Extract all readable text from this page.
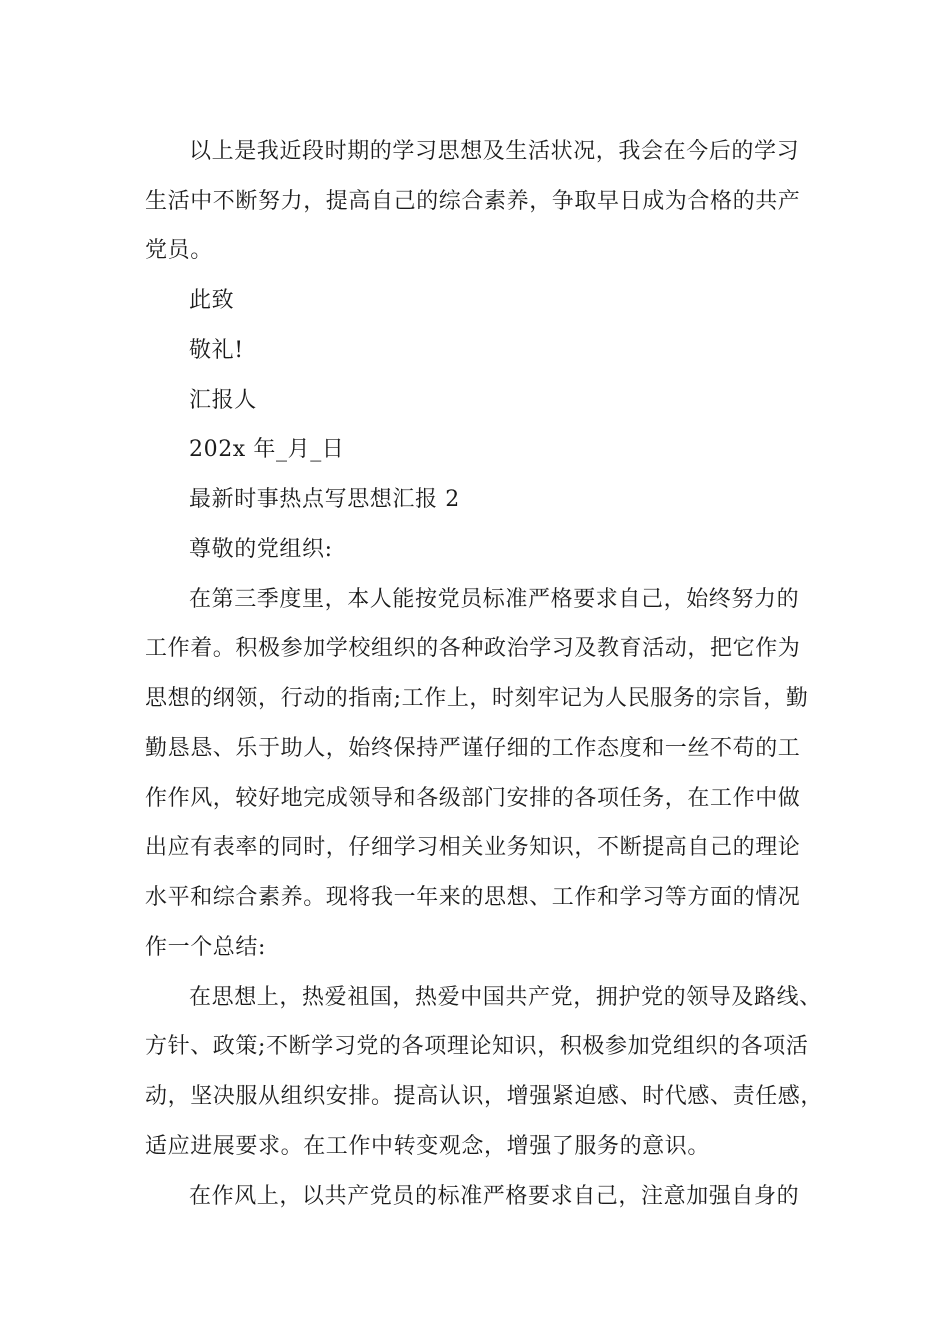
以上是我近段时期的学习思想及生活状况，我会在今后的学习

生活中不断努力，提高自己的综合素养，争取早日成为合格的共产

党员。

此致

敬礼!

汇报人

202x 年_月_日

最新时事热点写思想汇报 2

尊敬的党组织:

在第三季度里，本人能按党员标准严格要求自己，始终努力的

工作着。积极参加学校组织的各种政治学习及教育活动，把它作为

思想的纲领，行动的指南;工作上，时刻牢记为人民服务的宗旨，勤

勤恳恳、乐于助人，始终保持严谨仔细的工作态度和一丝不苟的工

作作风，较好地完成领导和各级部门安排的各项任务，在工作中做

出应有表率的同时，仔细学习相关业务知识，不断提高自己的理论

水平和综合素养。现将我一年来的思想、工作和学习等方面的情况

作一个总结:

在思想上，热爱祖国，热爱中国共产党，拥护党的领导及路线、

方针、政策;不断学习党的各项理论知识，积极参加党组织的各项活

动，坚决服从组织安排。提高认识，增强紧迫感、时代感、责任感，

适应进展要求。在工作中转变观念，增强了服务的意识。

在作风上，以共产党员的标准严格要求自己，注意加强自身的
